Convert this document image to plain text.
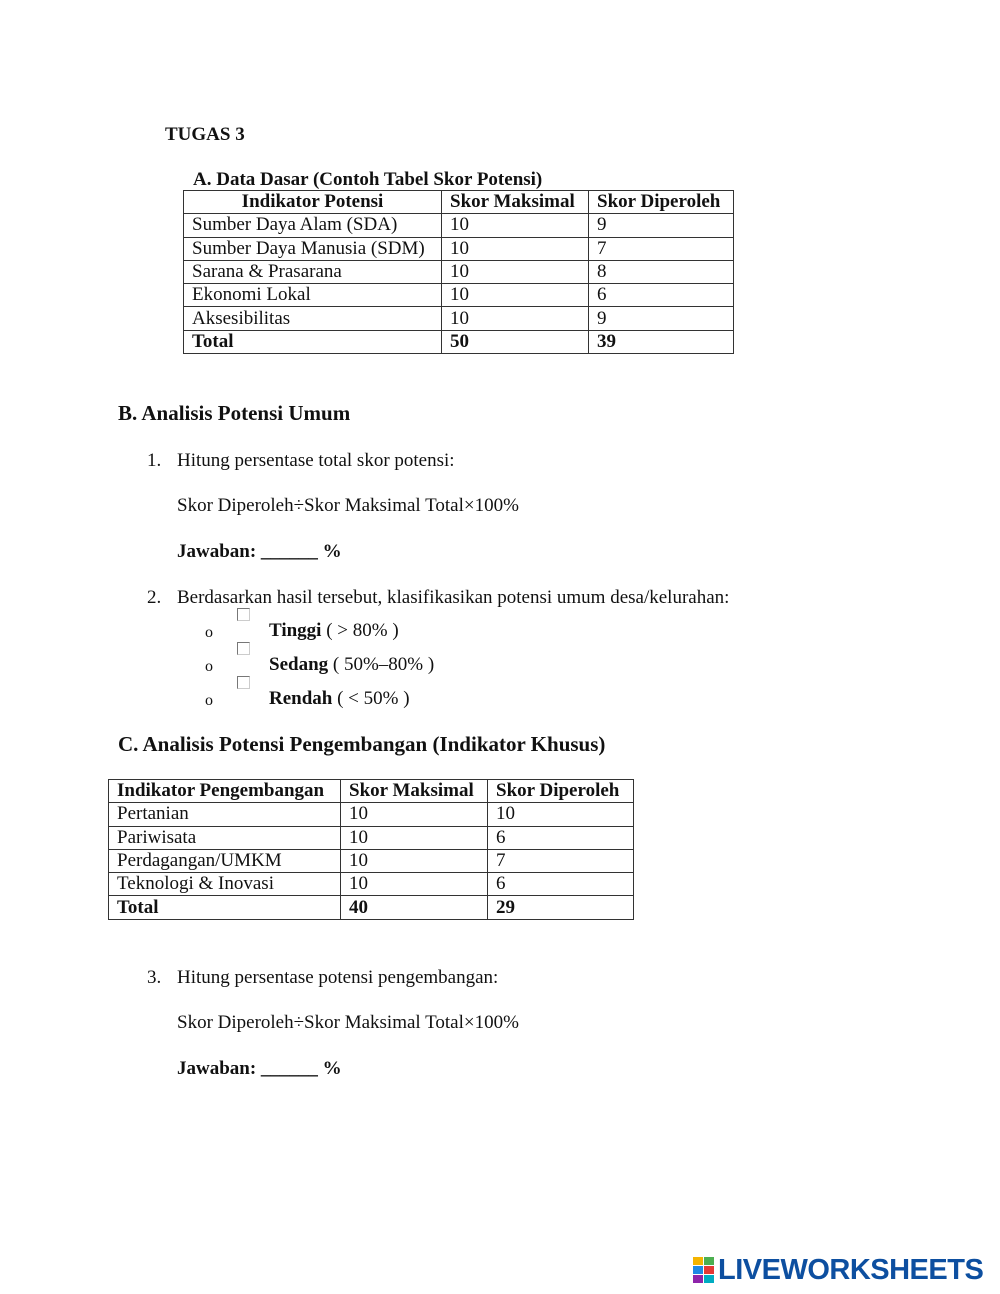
TUGAS 3
A. Data Dasar (Contoh Tabel Skor Potensi)
Indikator Potensi	Skor Maksimal	Skor Diperoleh
Sumber Daya Alam (SDA)	10	9
Sumber Daya Manusia (SDM)	10	7
Sarana & Prasarana	10	8
Ekonomi Lokal	10	6
Aksesibilitas	10	9
Total	50	39
B. Analisis Potensi Umum
1. Hitung persentase total skor potensi:
Skor Diperoleh÷Skor Maksimal Total×100%
Jawaban: ______ %
2. Berdasarkan hasil tersebut, klasifikasikan potensi umum desa/kelurahan:
o	Tinggi ( > 80% )
o	Sedang ( 50%–80% )
o	Rendah ( < 50% )
C. Analisis Potensi Pengembangan (Indikator Khusus)
Indikator Pengembangan	Skor Maksimal	Skor Diperoleh
Pertanian	10	10
Pariwisata	10	6
Perdagangan/UMKM	10	7
Teknologi & Inovasi	10	6
Total	40	29
3. Hitung persentase potensi pengembangan:
Skor Diperoleh÷Skor Maksimal Total×100%
Jawaban: ______ %
LIVEWORKSHEETS
